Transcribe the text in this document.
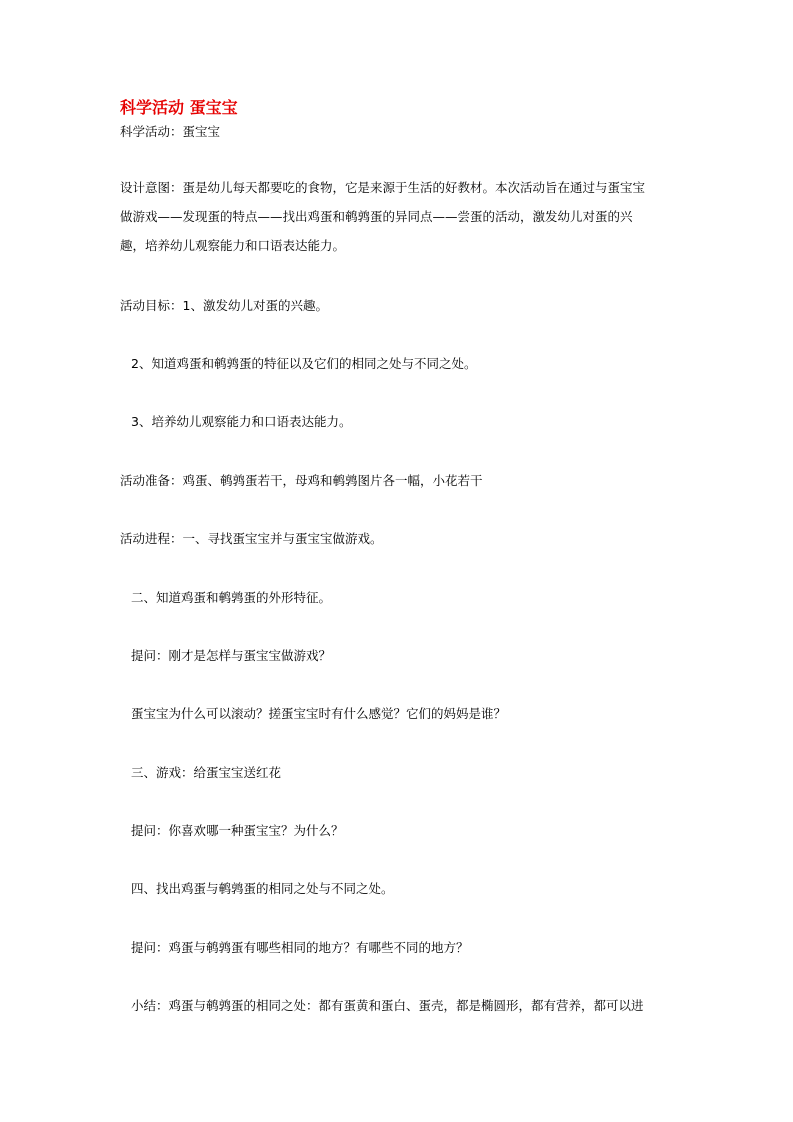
科学活动 蛋宝宝
科学活动：蛋宝宝
设计意图：蛋是幼儿每天都要吃的食物，它是来源于生活的好教材。本次活动旨在通过与蛋宝宝
做游戏——发现蛋的特点——找出鸡蛋和鹌鹑蛋的异同点——尝蛋的活动，激发幼儿对蛋的兴
趣，培养幼儿观察能力和口语表达能力。
活动目标：1、激发幼儿对蛋的兴趣。
2、知道鸡蛋和鹌鹑蛋的特征以及它们的相同之处与不同之处。
3、培养幼儿观察能力和口语表达能力。
活动准备：鸡蛋、鹌鹑蛋若干，母鸡和鹌鹑图片各一幅，小花若干
活动进程：一、寻找蛋宝宝并与蛋宝宝做游戏。
二、知道鸡蛋和鹌鹑蛋的外形特征。
提问：刚才是怎样与蛋宝宝做游戏？
蛋宝宝为什么可以滚动？搓蛋宝宝时有什么感觉？它们的妈妈是谁？
三、游戏：给蛋宝宝送红花
提问：你喜欢哪一种蛋宝宝？为什么？
四、找出鸡蛋与鹌鹑蛋的相同之处与不同之处。
提问：鸡蛋与鹌鹑蛋有哪些相同的地方？有哪些不同的地方？
小结：鸡蛋与鹌鹑蛋的相同之处：都有蛋黄和蛋白、蛋壳，都是椭圆形，都有营养，都可以进
